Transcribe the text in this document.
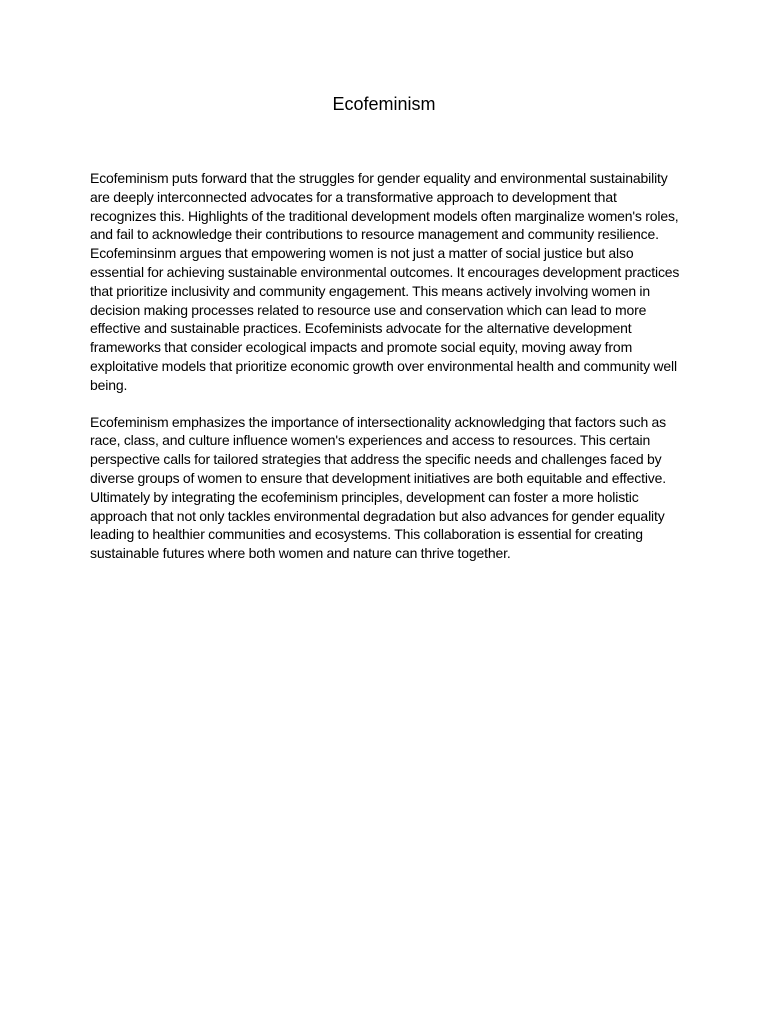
Ecofeminism

Ecofeminism puts forward that the struggles for gender equality and environmental sustainability are deeply interconnected advocates for a transformative approach to development that recognizes this. Highlights of the traditional development models often marginalize women's roles, and fail to acknowledge their contributions to resource management and community resilience. Ecofeminsinm argues that empowering women is not just a matter of social justice but also essential for achieving sustainable environmental outcomes. It encourages development practices that prioritize inclusivity and community engagement. This means actively involving women in decision making processes related to resource use and conservation which can lead to more effective and sustainable practices. Ecofeminists advocate for the alternative development frameworks that consider ecological impacts and promote social equity, moving away from exploitative models that prioritize economic growth over environmental health and community well being.

Ecofeminism emphasizes the importance of intersectionality acknowledging that factors such as race, class, and culture influence women's experiences and access to resources. This certain perspective calls for tailored strategies that address the specific needs and challenges faced by diverse groups of women to ensure that development initiatives are both equitable and effective. Ultimately by integrating the ecofeminism principles, development can foster a more holistic approach that not only tackles environmental degradation but also advances for gender equality leading to healthier communities and ecosystems. This collaboration is essential for creating sustainable futures where both women and nature can thrive together.
